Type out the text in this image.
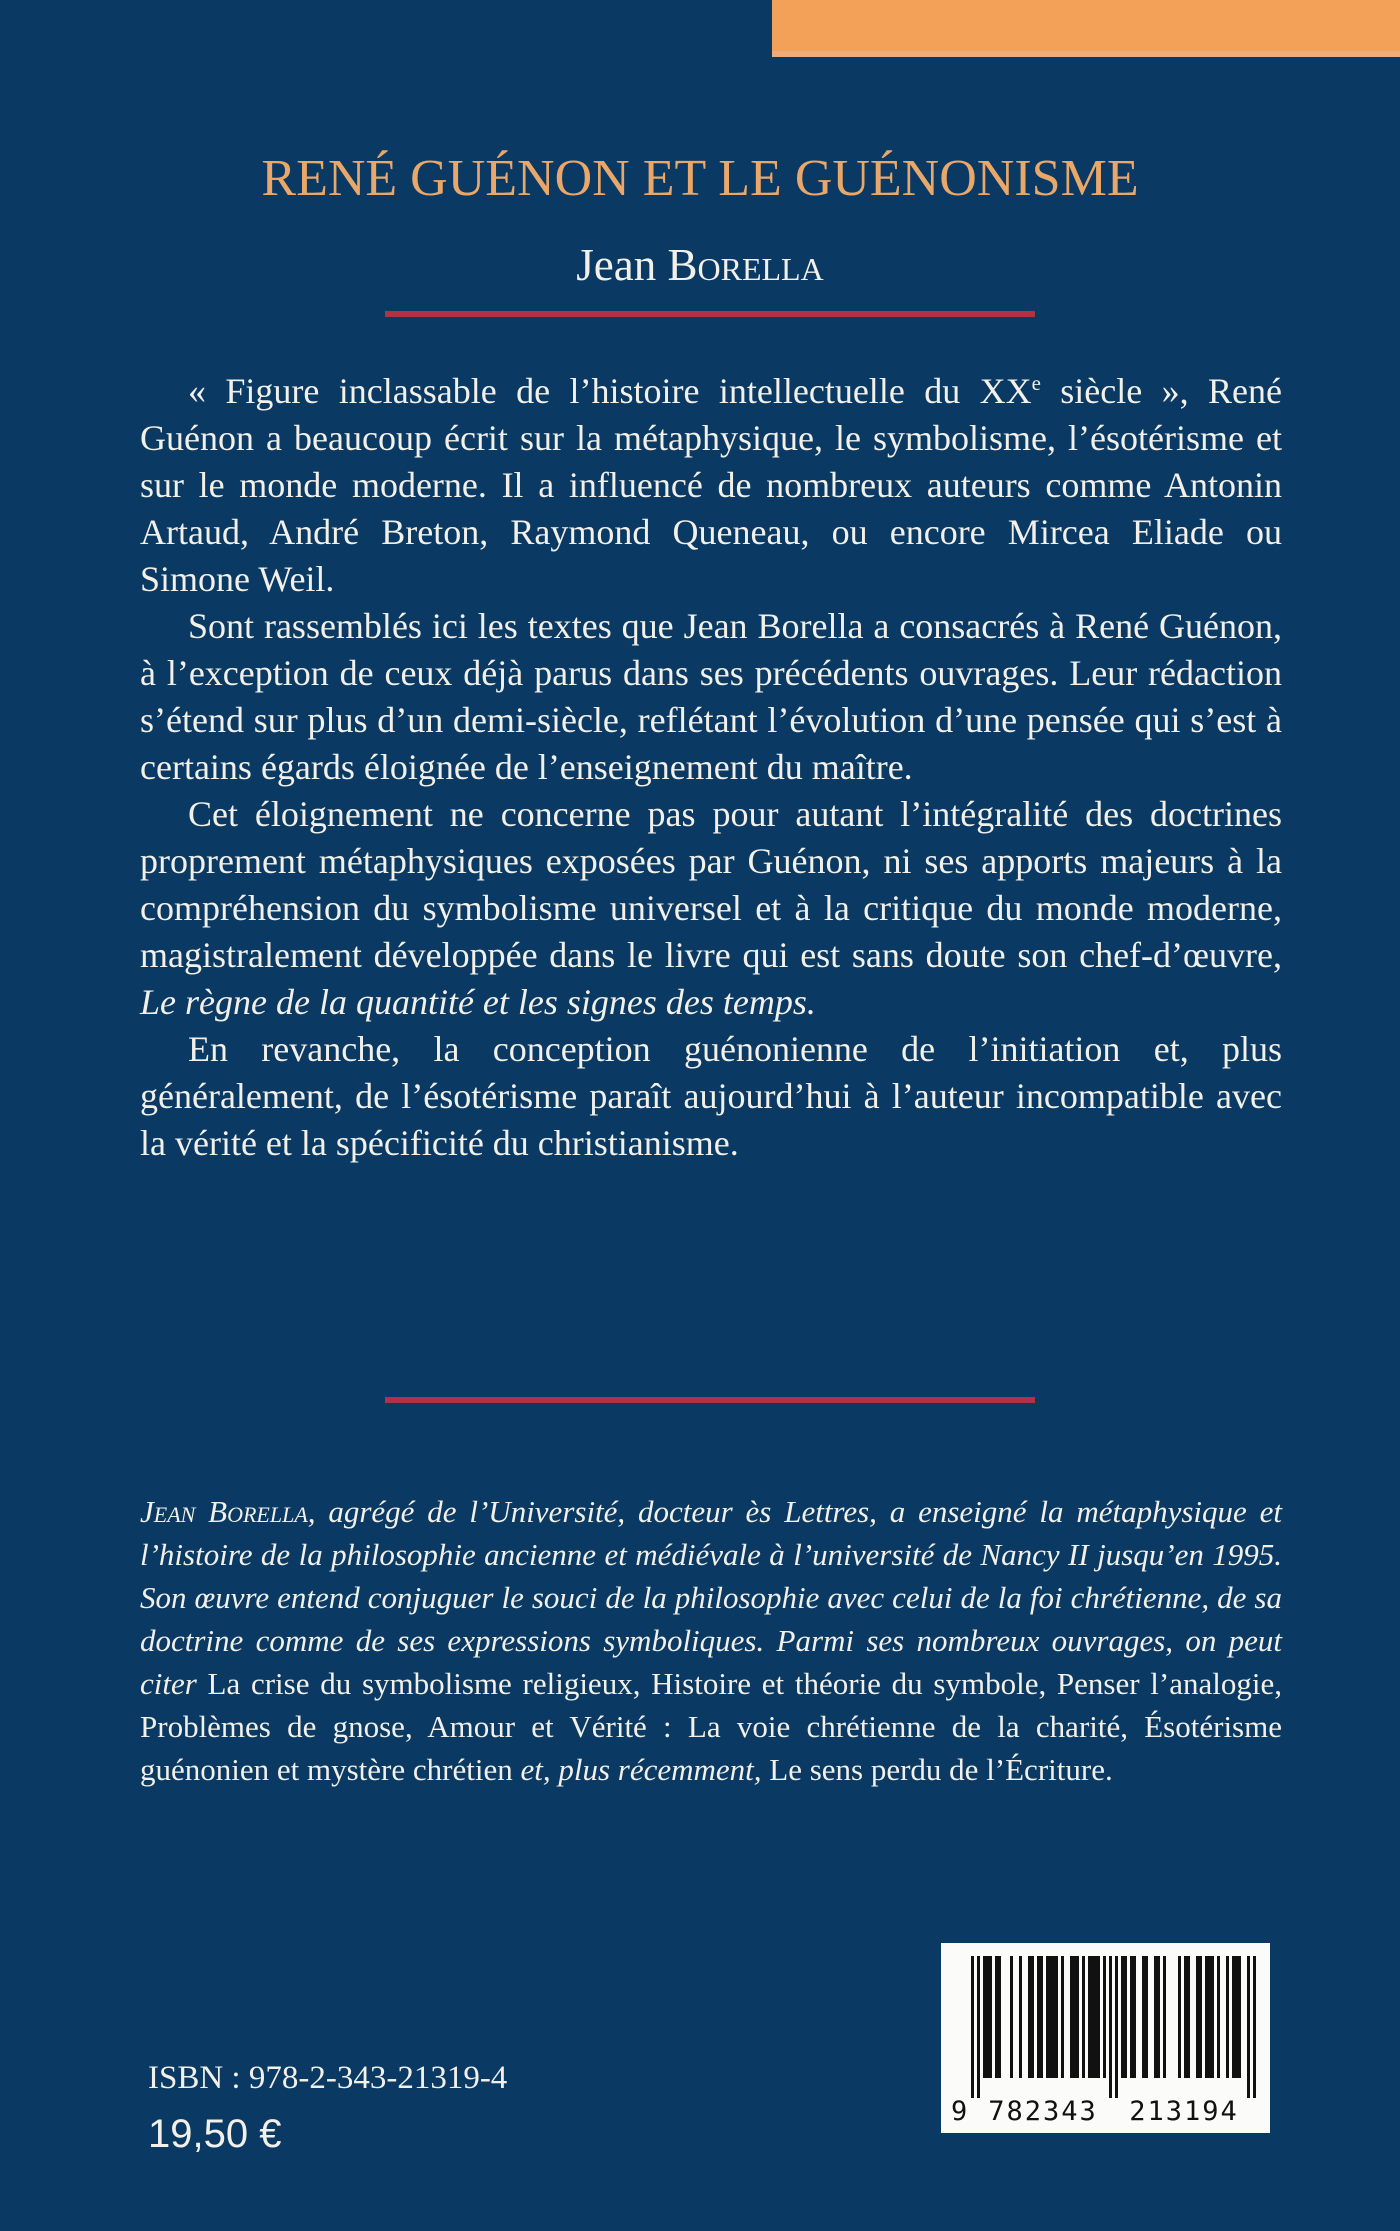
RENÉ GUÉNON ET LE GUÉNONISME
Jean Borella

« Figure inclassable de l’histoire intellectuelle du XXe siècle », René Guénon a beaucoup écrit sur la métaphysique, le symbolisme, l’ésotérisme et sur le monde moderne. Il a influencé de nombreux auteurs comme Antonin Artaud, André Breton, Raymond Queneau, ou encore Mircea Eliade ou Simone Weil.

Sont rassemblés ici les textes que Jean Borella a consacrés à René Guénon, à l’exception de ceux déjà parus dans ses précédents ouvrages. Leur rédaction s’étend sur plus d’un demi-siècle, reflétant l’évolution d’une pensée qui s’est à certains égards éloignée de l’enseignement du maître.

Cet éloignement ne concerne pas pour autant l’intégralité des doctrines proprement métaphysiques exposées par Guénon, ni ses apports majeurs à la compréhension du symbolisme universel et à la critique du monde moderne, magistralement développée dans le livre qui est sans doute son chef-d’œuvre, Le règne de la quantité et les signes des temps.

En revanche, la conception guénonienne de l’initiation et, plus généralement, de l’ésotérisme paraît aujourd’hui à l’auteur incompatible avec la vérité et la spécificité du christianisme.

Jean Borella, agrégé de l’Université, docteur ès Lettres, a enseigné la métaphysique et l’histoire de la philosophie ancienne et médiévale à l’université de Nancy II jusqu’en 1995. Son œuvre entend conjuguer le souci de la philosophie avec celui de la foi chrétienne, de sa doctrine comme de ses expressions symboliques. Parmi ses nombreux ouvrages, on peut citer La crise du symbolisme religieux, Histoire et théorie du symbole, Penser l’analogie, Problèmes de gnose, Amour et Vérité : La voie chrétienne de la charité, Ésotérisme guénonien et mystère chrétien et, plus récemment, Le sens perdu de l’Écriture.
ISBN : 978-2-343-21319-4
19,50 €
9 782343 213194
